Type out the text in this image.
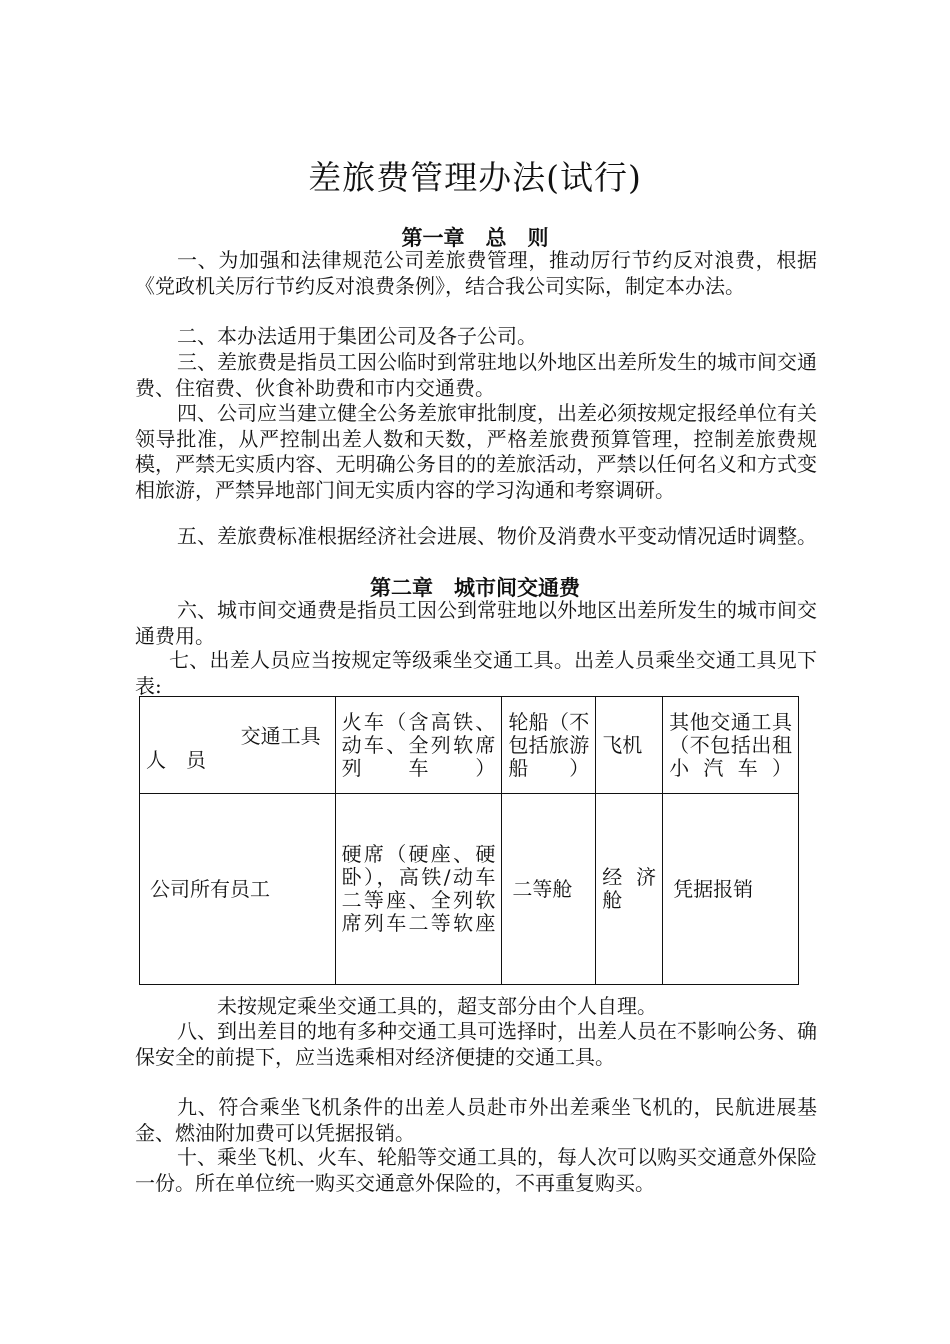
差旅费管理办法(试行)
第一章　总　则
一、为加强和法律规范公司差旅费管理，推动厉行节约反对浪费，根据《党政机关厉行节约反对浪费条例》，结合我公司实际，制定本办法。
二、本办法适用于集团公司及各子公司。
三、差旅费是指员工因公临时到常驻地以外地区出差所发生的城市间交通费、住宿费、伙食补助费和市内交通费。
四、公司应当建立健全公务差旅审批制度，出差必须按规定报经单位有关领导批准，从严控制出差人数和天数，严格差旅费预算管理，控制差旅费规模，严禁无实质内容、无明确公务目的的差旅活动，严禁以任何名义和方式变相旅游，严禁异地部门间无实质内容的学习沟通和考察调研。
五、差旅费标准根据经济社会进展、物价及消费水平变动情况适时调整。
第二章　城市间交通费
六、城市间交通费是指员工因公到常驻地以外地区出差所发生的城市间交通费用。
七、出差人员应当按规定等级乘坐交通工具。出差人员乘坐交通工具见下表:
交通工具
人员	火车（含高铁、动车、全列软席列车）	轮船（不包括旅游船）	飞机	其他交通工具（不包括出租小汽车）
公司所有员工	硬席（硬座、硬卧），高铁/动车二等座、全列软席列车二等软座	二等舱	经济舱	凭据报销
未按规定乘坐交通工具的，超支部分由个人自理。
八、到出差目的地有多种交通工具可选择时，出差人员在不影响公务、确保安全的前提下，应当选乘相对经济便捷的交通工具。
九、符合乘坐飞机条件的出差人员赴市外出差乘坐飞机的，民航进展基金、燃油附加费可以凭据报销。
十、乘坐飞机、火车、轮船等交通工具的，每人次可以购买交通意外保险一份。所在单位统一购买交通意外保险的，不再重复购买。
